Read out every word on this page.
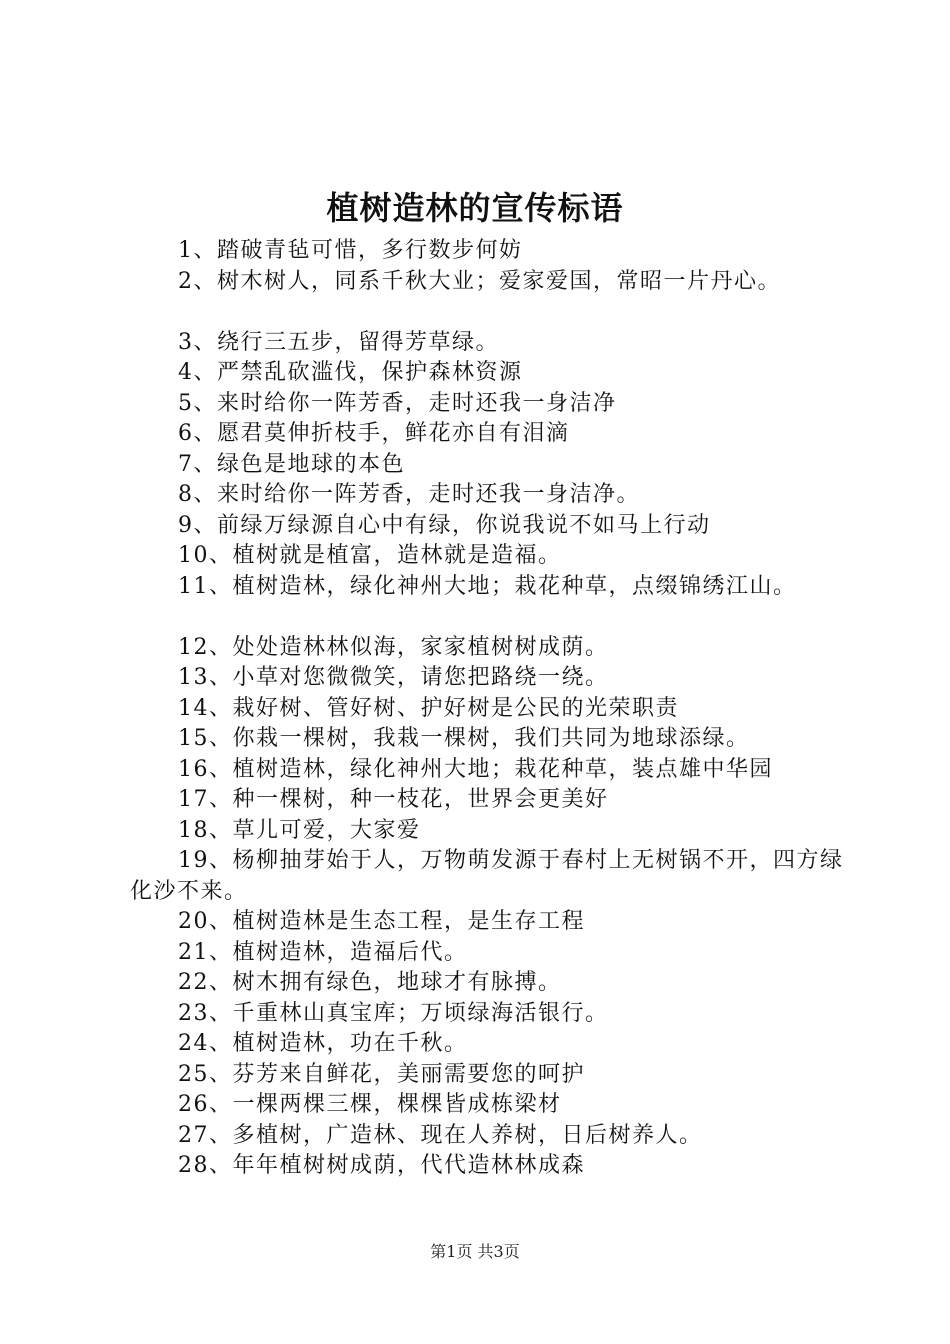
植树造林的宣传标语
1、踏破青毡可惜，多行数步何妨
2、树木树人，同系千秋大业；爱家爱国，常昭一片丹心。
3、绕行三五步，留得芳草绿。
4、严禁乱砍滥伐，保护森林资源
5、来时给你一阵芳香，走时还我一身洁净
6、愿君莫伸折枝手，鲜花亦自有泪滴
7、绿色是地球的本色
8、来时给你一阵芳香，走时还我一身洁净。
9、前绿万绿源自心中有绿，你说我说不如马上行动
10、植树就是植富，造林就是造福。
11、植树造林，绿化神州大地；栽花种草，点缀锦绣江山。
12、处处造林林似海，家家植树树成荫。
13、小草对您微微笑，请您把路绕一绕。
14、栽好树、管好树、护好树是公民的光荣职责
15、你栽一棵树，我栽一棵树，我们共同为地球添绿。
16、植树造林，绿化神州大地；栽花种草，装点雄中华园
17、种一棵树，种一枝花，世界会更美好
18、草儿可爱，大家爱
19、杨柳抽芽始于人，万物萌发源于春村上无树锅不开，四方绿化沙不来。
20、植树造林是生态工程，是生存工程
21、植树造林，造福后代。
22、树木拥有绿色，地球才有脉搏。
23、千重林山真宝库；万顷绿海活银行。
24、植树造林，功在千秋。
25、芬芳来自鲜花，美丽需要您的呵护
26、一棵两棵三棵，棵棵皆成栋梁材
27、多植树，广造林、现在人养树，日后树养人。
28、年年植树树成荫，代代造林林成森
第1页 共3页
